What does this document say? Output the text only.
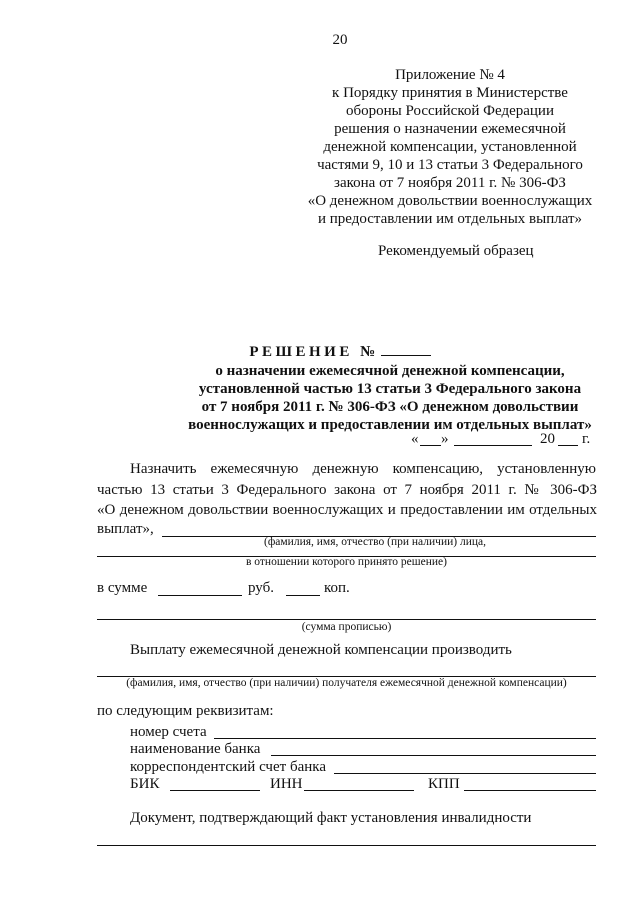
20
Приложение № 4
к Порядку принятия в Министерстве
обороны Российской Федерации
решения о назначении ежемесячной
денежной компенсации, установленной
частями 9, 10 и 13 статьи 3 Федерального
закона от 7 ноября 2011 г. № 306-ФЗ
«О денежном довольствии военнослужащих
и предоставлении им отдельных выплат»
Рекомендуемый образец
РЕШЕНИЕ №
о назначении ежемесячной денежной компенсации,
установленной частью 13 статьи 3 Федерального закона
от 7 ноября 2011 г. № 306-ФЗ «О денежном довольствии
военнослужащих и предоставлении им отдельных выплат»
« »	20 г.
Назначить ежемесячную денежную компенсацию, установленную
частью 13 статьи 3 Федерального закона от 7 ноября 2011 г. № 306-ФЗ
«О денежном довольствии военнослужащих и предоставлении им отдельных
выплат»,
(фамилия, имя, отчество (при наличии) лица,
в отношении которого принято решение)
в сумме	руб.	коп.
(сумма прописью)
Выплату ежемесячной денежной компенсации производить
(фамилия, имя, отчество (при наличии) получателя ежемесячной денежной компенсации)
по следующим реквизитам:
номер счета
наименование банка
корреспондентский счет банка
БИК	ИНН	КПП
Документ, подтверждающий факт установления инвалидности
